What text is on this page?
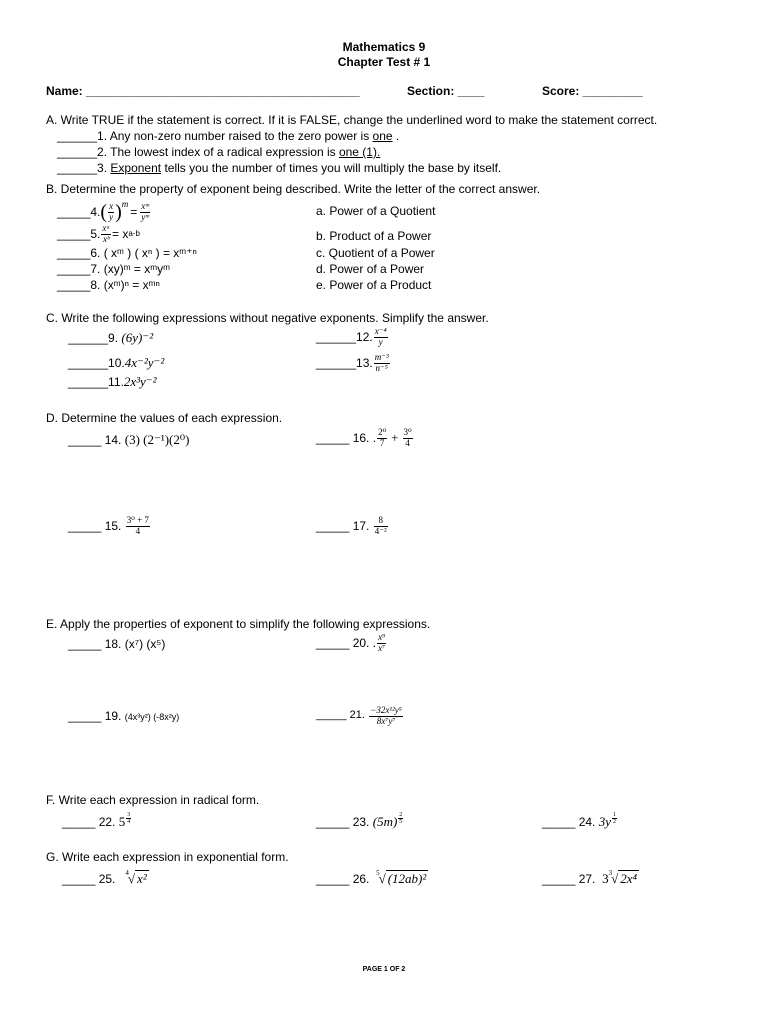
Mathematics 9
Chapter Test # 1
Name: _________________________________________	Section: ____	Score: _________
A. Write TRUE if the statement is correct. If it is FALSE, change the underlined word to make the statement correct.
______1. Any non-zero number raised to the zero power is one .
______2. The lowest index of a radical expression is one (1).
______3. Exponent tells you the number of times you will multiply the base by itself.
B. Determine the property of exponent being described. Write the letter of the correct answer.
_____4. ( $\frac{x}{y}$ ) m
= $\frac{\text{xᵐ}}{\text{yᵐ}}$
_____5. $\frac{\text{xᵃ}}{\text{xᵇ}} = x$ a-b
_____6. ( xᵐ ) ( xⁿ ) = xᵐ⁺ⁿ
_____7. (xy)ᵐ = xᵐyᵐ
_____8. (xᵐ)ⁿ = xᵐⁿ
a. Power of a Quotient
b. Product of a Power
c. Quotient of a Power
d. Power of a Power
e. Power of a Product
C. Write the following expressions without negative exponents. Simplify the answer.
______9. (6y)⁻²
______10.4x⁻²y⁻²
______11.2x³y⁻²
______12. $\frac{\text{x⁻⁴}}{y}$
______13. $\frac{\text{m⁻³}}{\text{n⁻⁵}}$
D. Determine the values of each expression.
_____ 14. (3) (2⁻¹)(2⁰)
_____ 15.
$\frac{\text{3⁰ + 7}}{4}$
_____ 16. . $\frac{\text{2⁰}}{7} + \frac{\text{3⁰}}{4}$
_____ 17.
$\frac{8}{\text{4⁻²}}$
E. Apply the properties of exponent to simplify the following expressions.
_____ 18. (x⁷) (x⁵)
_____ 19. (4x³y²) (-8x²y)
_____ 20. . $\frac{\text{x⁹}}{\text{x⁷}}$
_____ 21.
$\frac{\text{−32x¹²y⁵}}{\text{8x⁷y⁷}}$
F. Write each expression in radical form.
_____ 22.
$5 \frac{3}{4}$	_____ 23.
$(5m) \frac{2}{5}$	_____ 24.
$3y \frac{1}{2}$
G. Write each expression in exponential form.
_____ 25. $^4$√ x²	_____ 26. $^5$√ (12ab)²	_____ 27. $3^3√$ 2x⁴
PAGE 1 OF 2
